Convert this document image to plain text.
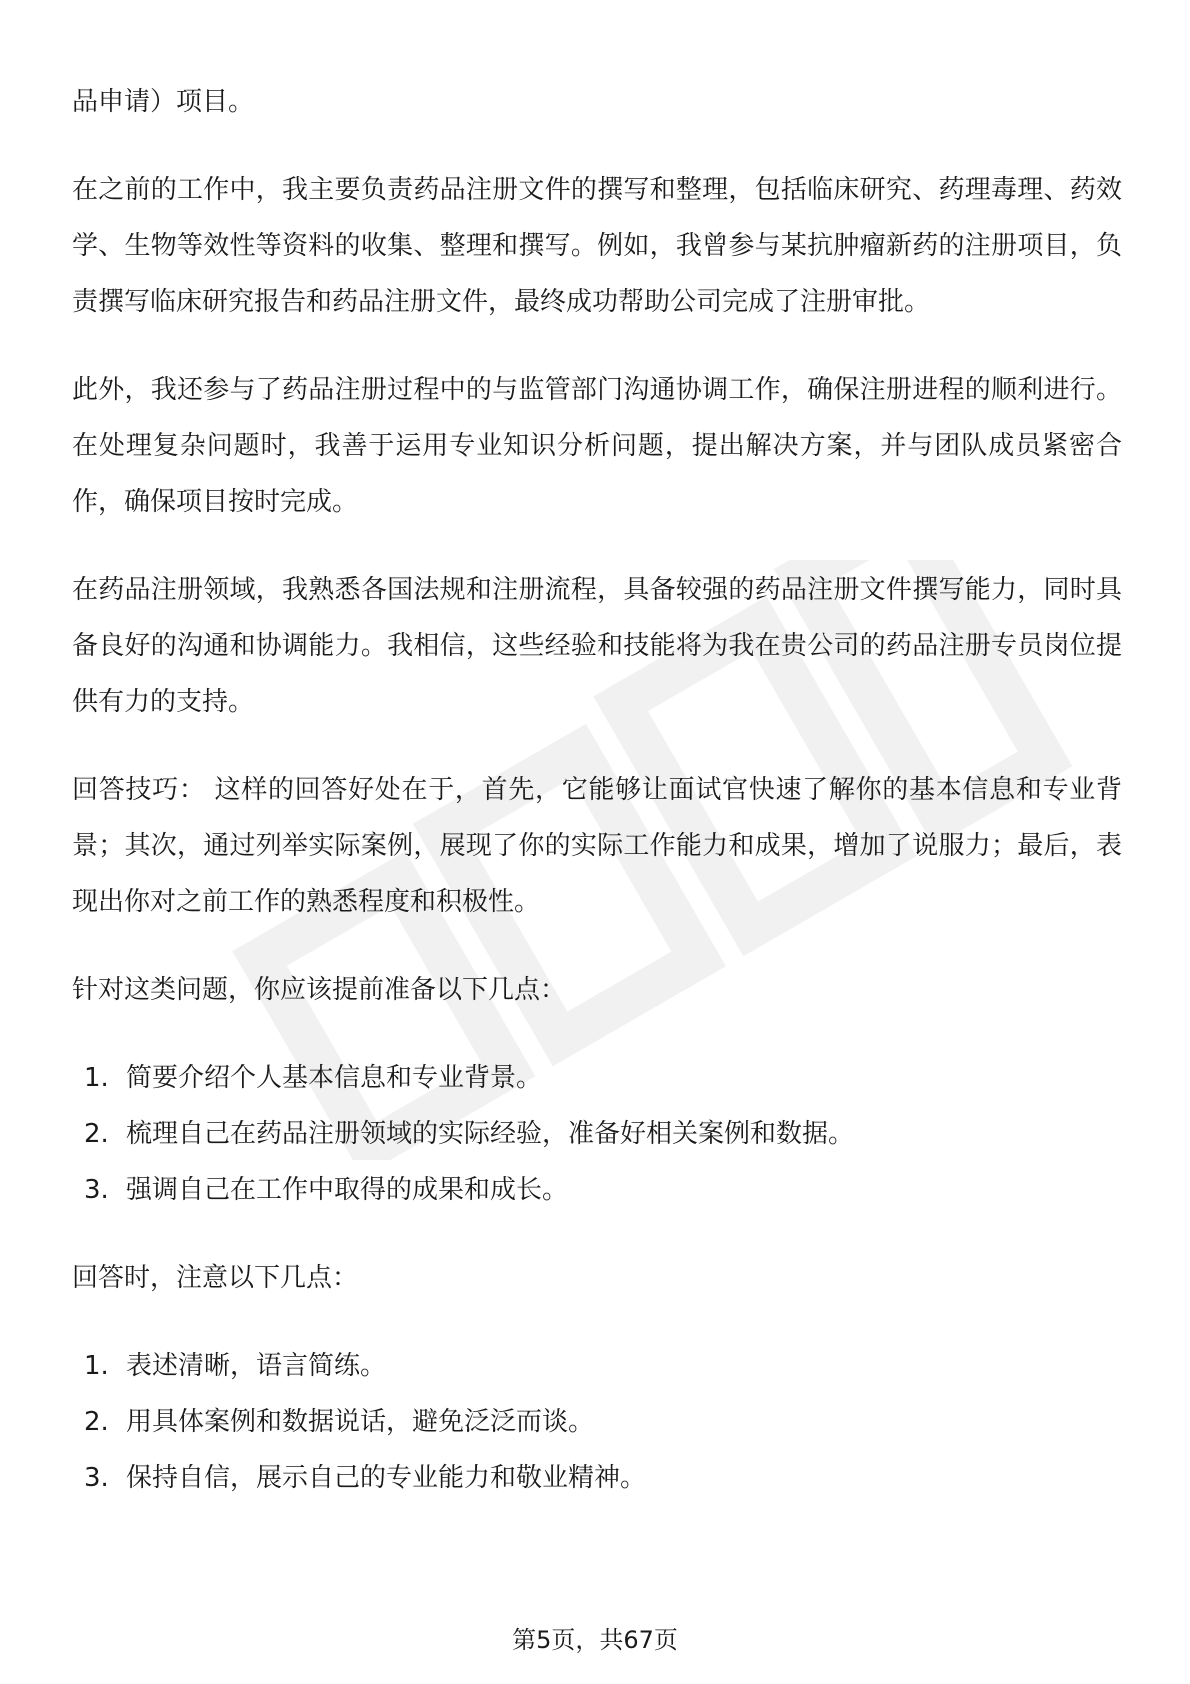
品申请）项目。

在之前的工作中，我主要负责药品注册文件的撰写和整理，包括临床研究、药理毒理、药效学、生物等效性等资料的收集、整理和撰写。例如，我曾参与某抗肿瘤新药的注册项目，负责撰写临床研究报告和药品注册文件，最终成功帮助公司完成了注册审批。

此外，我还参与了药品注册过程中的与监管部门沟通协调工作，确保注册进程的顺利进行。在处理复杂问题时，我善于运用专业知识分析问题，提出解决方案，并与团队成员紧密合作，确保项目按时完成。

在药品注册领域，我熟悉各国法规和注册流程，具备较强的药品注册文件撰写能力，同时具备良好的沟通和协调能力。我相信，这些经验和技能将为我在贵公司的药品注册专员岗位提供有力的支持。

回答技巧： 这样的回答好处在于，首先，它能够让面试官快速了解你的基本信息和专业背景；其次，通过列举实际案例，展现了你的实际工作能力和成果，增加了说服力；最后，表现出你对之前工作的熟悉程度和积极性。

针对这类问题，你应该提前准备以下几点：

1. 简要介绍个人基本信息和专业背景。
2. 梳理自己在药品注册领域的实际经验，准备好相关案例和数据。
3. 强调自己在工作中取得的成果和成长。

回答时，注意以下几点：

1. 表述清晰，语言简练。
2. 用具体案例和数据说话，避免泛泛而谈。
3. 保持自信，展示自己的专业能力和敬业精神。
第5页，共67页
